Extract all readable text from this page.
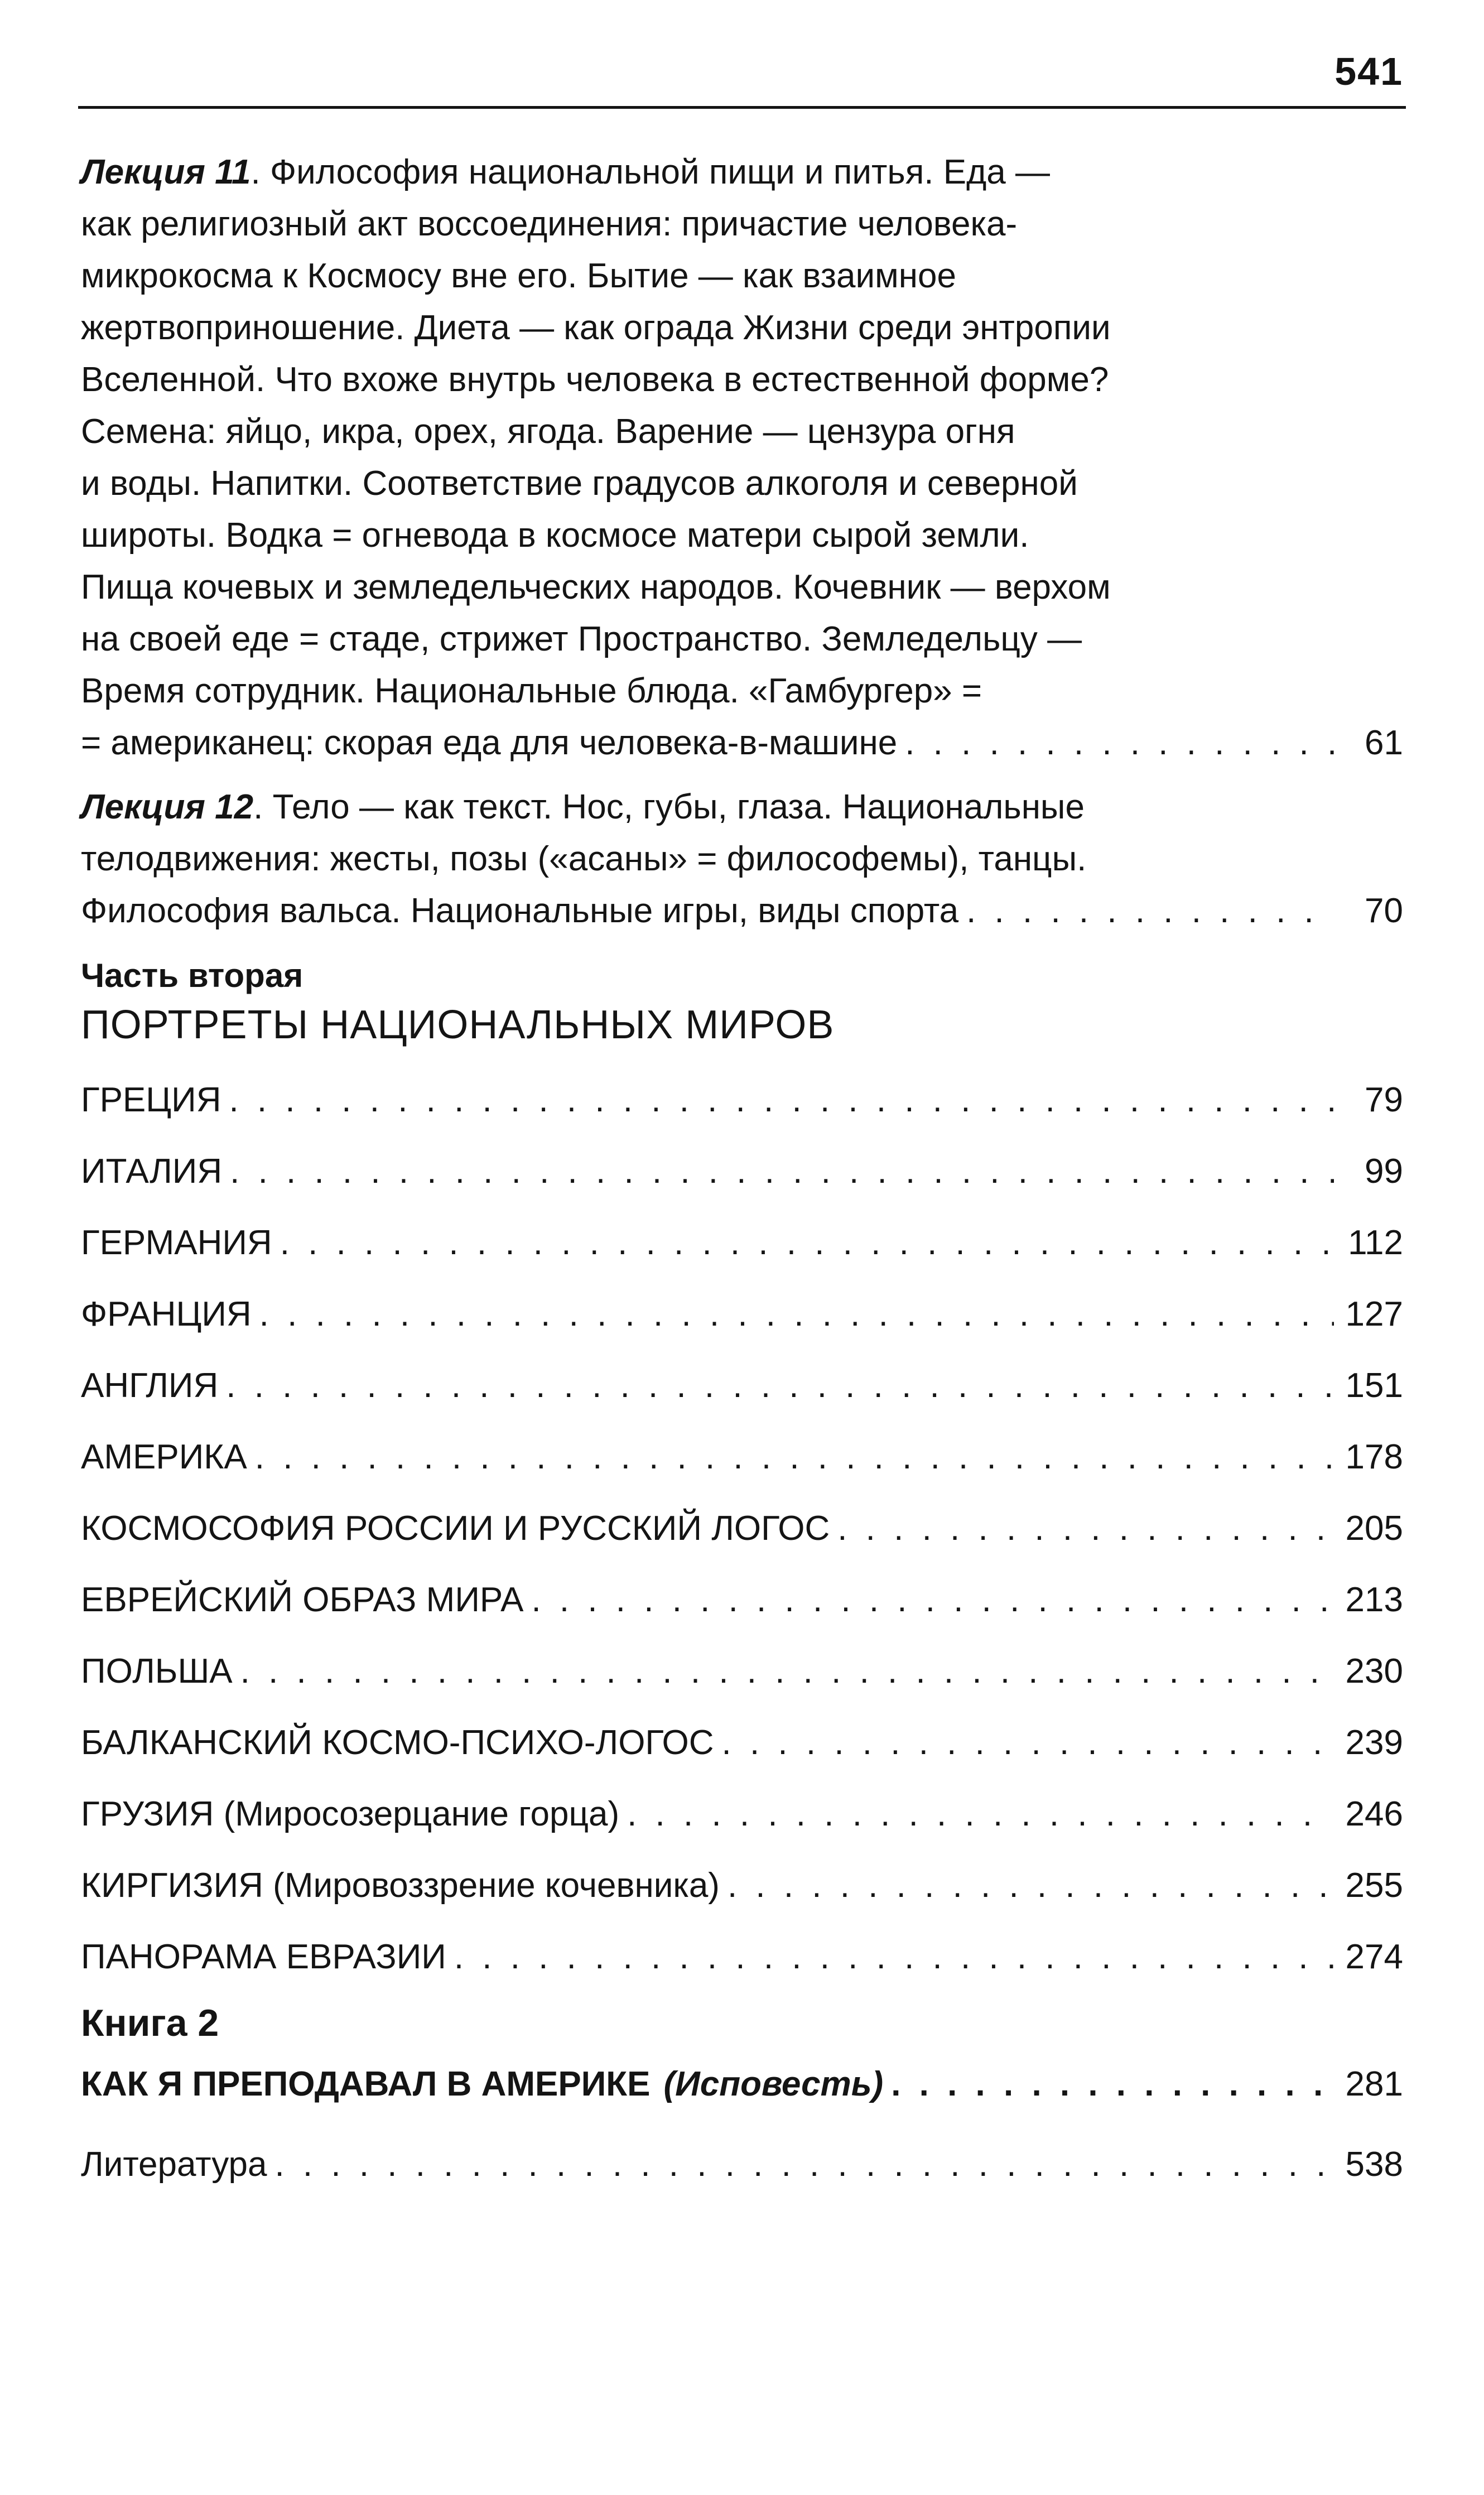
541

Лекция 11. Философия национальной пищи и питья. Еда —

как религиозный акт воссоединения: причастие человека-

микрокосма к Космосу вне его. Бытие — как взаимное

жертвоприношение. Диета — как ограда Жизни среди энтропии

Вселенной. Что вхоже внутрь человека в естественной форме?

Семена: яйцо, икра, орех, ягода. Варение — цензура огня

и воды. Напитки. Соответствие градусов алкоголя и северной

широты. Водка = огневода в космосе матери сырой земли.

Пища кочевых и земледельческих народов. Кочевник — верхом

на своей еде = стаде, стрижет Пространство. Земледельцу —

Время сотрудник. Национальные блюда. «Гамбургер» =

= американец: скорая еда для человека-в-машине . . .	61

Лекция 12. Тело — как текст. Нос, губы, глаза. Национальные

телодвижения: жесты, позы («асаны» = философемы), танцы.

Философия вальса. Национальные игры, виды спорта . . .	70
Часть вторая
ПОРТРЕТЫ НАЦИОНАЛЬНЫХ МИРОВ
ГРЕЦИЯ . . .	79
ИТАЛИЯ . . .	99
ГЕРМАНИЯ . . .	112
ФРАНЦИЯ . . .	127
АНГЛИЯ . . .	151
АМЕРИКА . . .	178
КОСМОСОФИЯ РОССИИ И РУССКИЙ ЛОГОС . . .	205
ЕВРЕЙСКИЙ ОБРАЗ МИРА . . .	213
ПОЛЬША . . .	230
БАЛКАНСКИЙ КОСМО-ПСИХО-ЛОГОС . . .	239
ГРУЗИЯ (Миросозерцание горца) . . .	246
КИРГИЗИЯ (Мировоззрение кочевника) . . .	255
ПАНОРАМА ЕВРАЗИИ . . .	274
Книга 2
КАК Я ПРЕПОДАВАЛ В АМЕРИКЕ (Исповесть) . . .	281
Литература . . .	538
